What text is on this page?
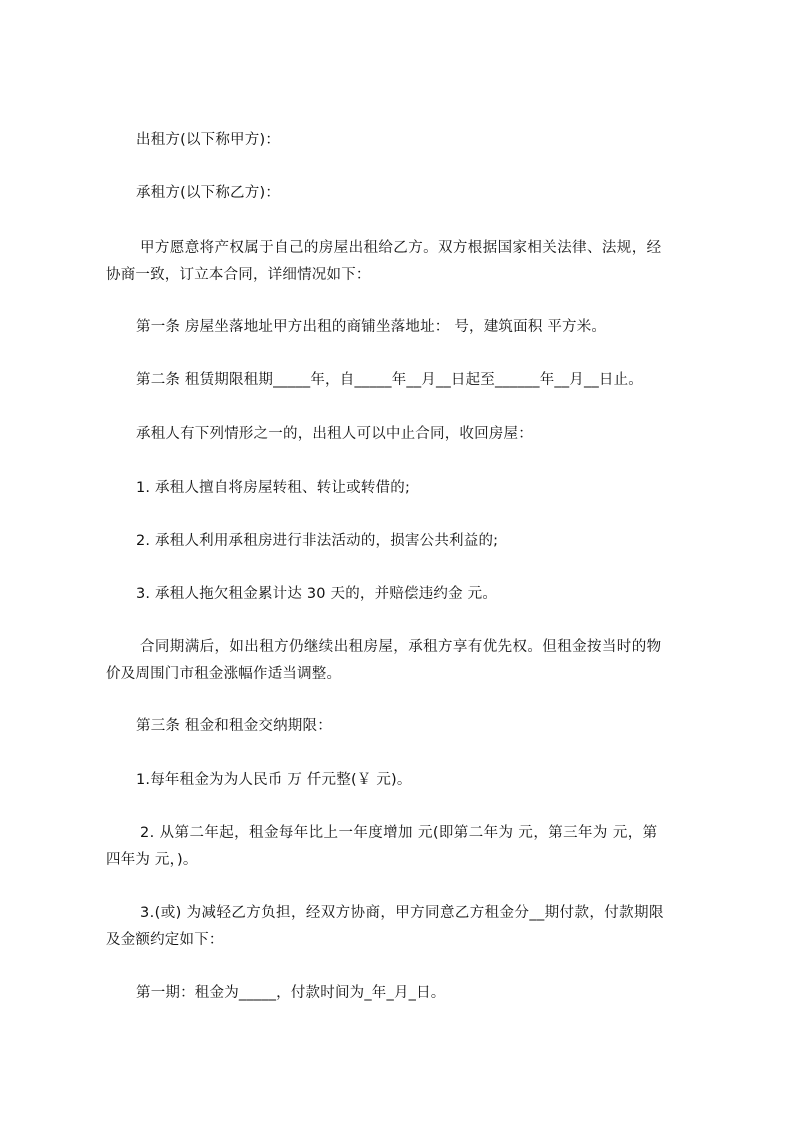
出租方(以下称甲方)：
承租方(以下称乙方)：
甲方愿意将产权属于自己的房屋出租给乙方。双方根据国家相关法律、法规，经
协商一致，订立本合同，详细情况如下：
第一条 房屋坐落地址甲方出租的商铺坐落地址： 号，建筑面积 平方米。
第二条 租赁期限租期_____年，自_____年__月__日起至______年__月__日止。
承租人有下列情形之一的，出租人可以中止合同，收回房屋：
1. 承租人擅自将房屋转租、转让或转借的;
2. 承租人利用承租房进行非法活动的，损害公共利益的;
3. 承租人拖欠租金累计达 30 天的，并赔偿违约金 元。
合同期满后，如出租方仍继续出租房屋，承租方享有优先权。但租金按当时的物
价及周围门市租金涨幅作适当调整。
第三条 租金和租金交纳期限：
1.每年租金为为人民币 万 仟元整(￥ 元)。
2. 从第二年起，租金每年比上一年度增加 元(即第二年为 元，第三年为 元，第
四年为 元，)。
3.(或) 为减轻乙方负担，经双方协商，甲方同意乙方租金分__期付款，付款期限
及金额约定如下：
第一期：租金为_____，付款时间为_年_月_日。
